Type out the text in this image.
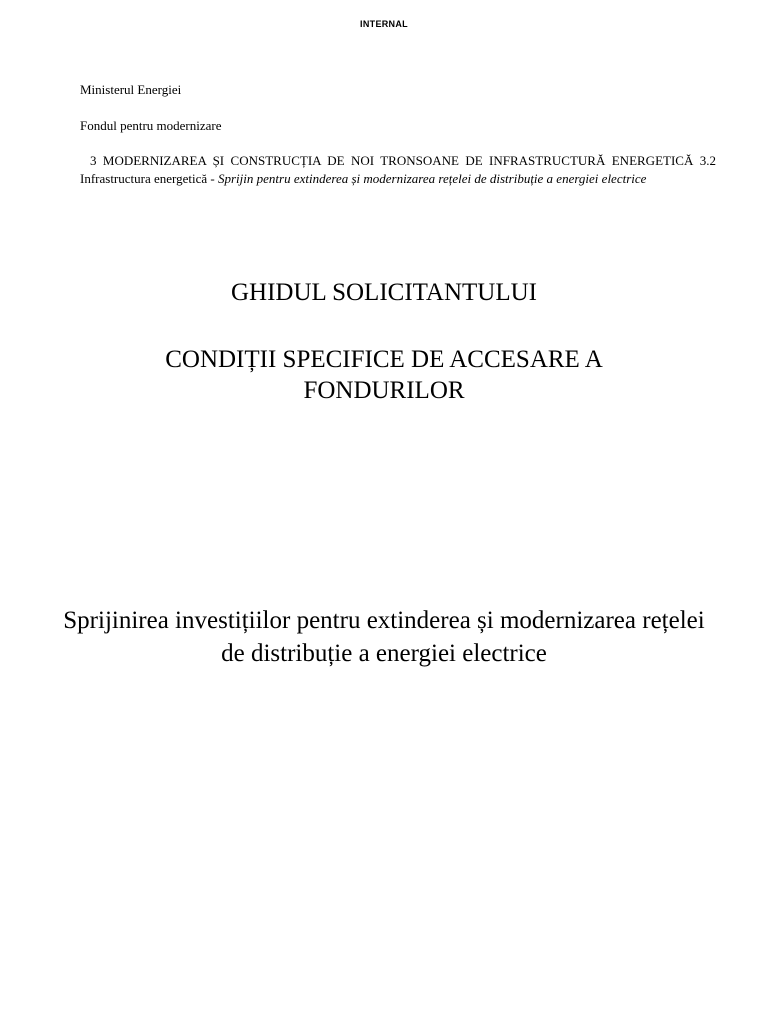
INTERNAL
Ministerul Energiei
Fondul pentru modernizare
3 MODERNIZAREA ȘI CONSTRUCȚIA DE NOI TRONSOANE DE INFRASTRUCTURĂ ENERGETICĂ 3.2 Infrastructura energetică - Sprijin pentru extinderea și modernizarea rețelei de distribuție a energiei electrice
GHIDUL SOLICITANTULUI
CONDIȚII SPECIFICE DE ACCESARE A FONDURILOR
Sprijinirea investițiilor pentru extinderea și modernizarea rețelei de distribuție a energiei electrice
